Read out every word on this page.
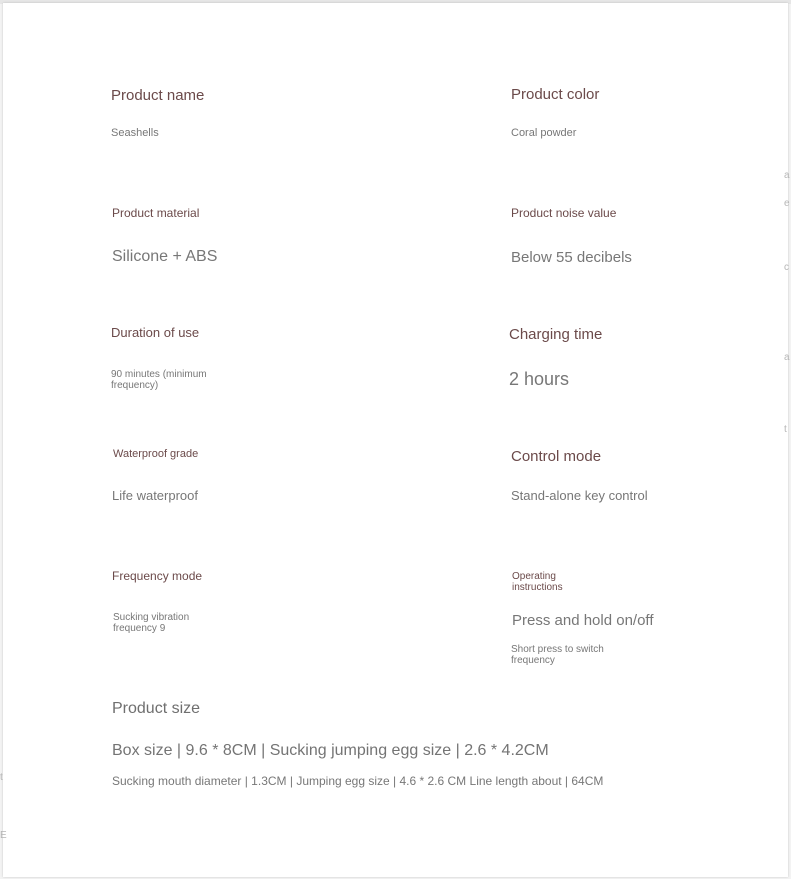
Product name
Seashells
Product color
Coral powder
Product material
Silicone + ABS
Product noise value
Below 55 decibels
Duration of use
90 minutes (minimum frequency)
Charging time
2 hours
Waterproof grade
Life waterproof
Control mode
Stand-alone key control
Frequency mode
Sucking vibration frequency 9
Operating instructions
Press and hold on/off
Short press to switch frequency
Product size
Box size | 9.6 * 8CM | Sucking jumping egg size | 2.6 * 4.2CM
Sucking mouth diameter | 1.3CM | Jumping egg size | 4.6 * 2.6 CM Line length about | 64CM
a
e
c
a
t
t
E
